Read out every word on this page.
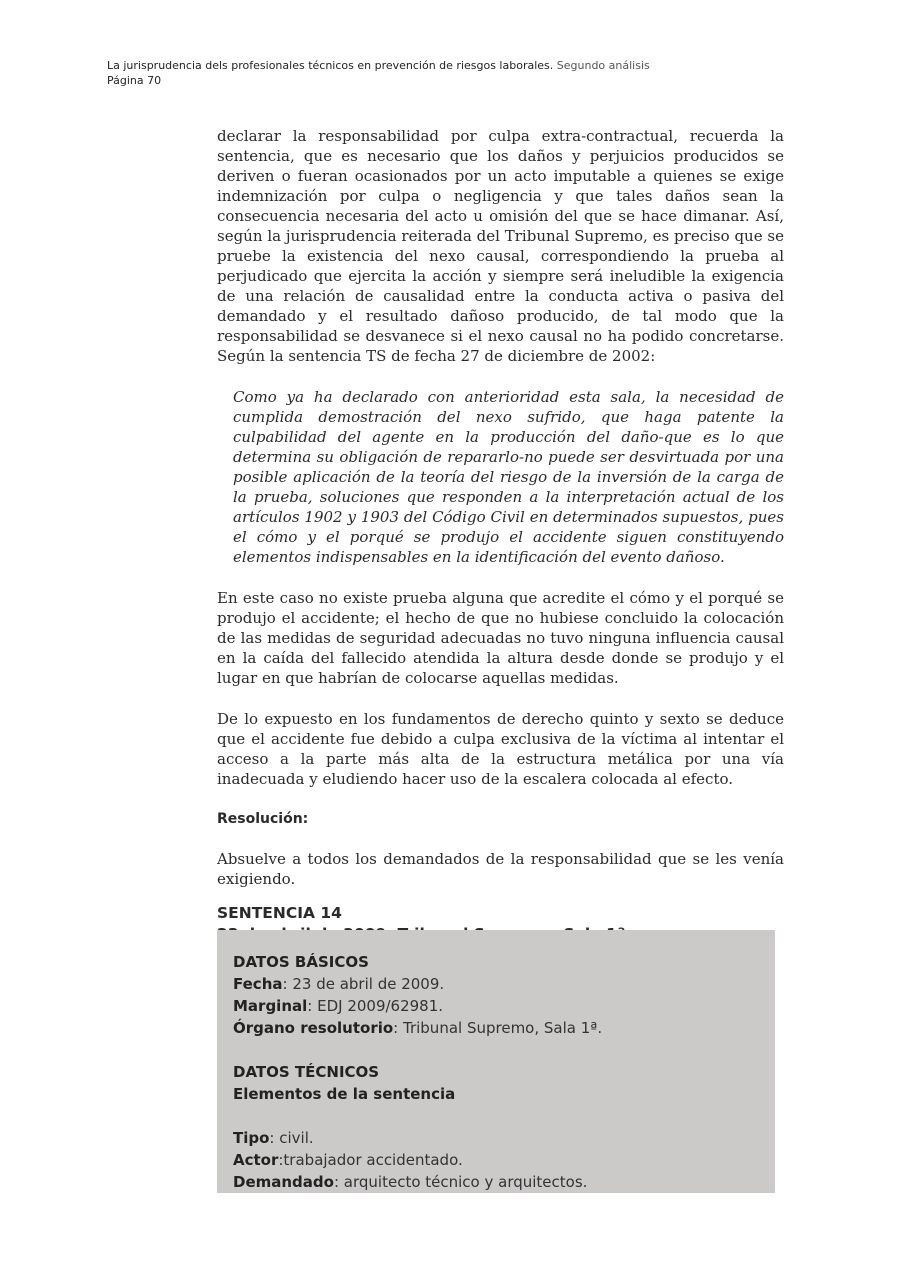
La jurisprudencia dels profesionales técnicos en prevención de riesgos laborales. Segundo análisis
Página 70

declarar la responsabilidad por culpa extra-contractual, recuerda la sentencia, que es necesario que los daños y perjuicios producidos se deriven o fueran ocasionados por un acto imputable a quienes se exige indemnización por culpa o negligencia y que tales daños sean la consecuencia necesaria del acto u omisión del que se hace dimanar. Así, según la jurisprudencia reiterada del Tribunal Supremo, es preciso que se pruebe la existencia del nexo causal, correspondiendo la prueba al perjudicado que ejercita la acción y siempre será ineludible la exigencia de una relación de causalidad entre la conducta activa o pasiva del demandado y el resultado dañoso producido, de tal modo que la responsabilidad se desvanece si el nexo causal no ha podido concretarse. Según la sentencia TS de fecha 27 de diciembre de 2002:

Como ya ha declarado con anterioridad esta sala, la necesidad de cumplida demostración del nexo sufrido, que haga patente la culpabilidad del agente en la producción del daño-que es lo que determina su obligación de repararlo-no puede ser desvirtuada por una posible aplicación de la teoría del riesgo de la inversión de la carga de la prueba, soluciones que responden a la interpretación actual de los artículos 1902 y 1903 del Código Civil en determinados supuestos, pues el cómo y el porqué se produjo el accidente siguen constituyendo elementos indispensables en la identificación del evento dañoso.

En este caso no existe prueba alguna que acredite el cómo y el porqué se produjo el accidente; el hecho de que no hubiese concluido la colocación de las medidas de seguridad adecuadas no tuvo ninguna influencia causal en la caída del fallecido atendida la altura desde donde se produjo y el lugar en que habrían de colocarse aquellas medidas.

De lo expuesto en los fundamentos de derecho quinto y sexto se deduce que el accidente fue debido a culpa exclusiva de la víctima al intentar el acceso a la parte más alta de la estructura metálica por una vía inadecuada y eludiendo hacer uso de la escalera colocada al efecto.

Resolución:

Absuelve a todos los demandados de la responsabilidad que se les venía exigiendo.

SENTENCIA 14
DATOS BÁSICOS
Fecha: 23 de abril de 2009.
Marginal: EDJ 2009/62981.
Órgano resolutorio: Tribunal Supremo, Sala 1ª.
DATOS TÉCNICOS
Elementos de la sentencia
Tipo: civil.
Actor:trabajador accidentado.
Demandado: arquitecto técnico y arquitectos.
